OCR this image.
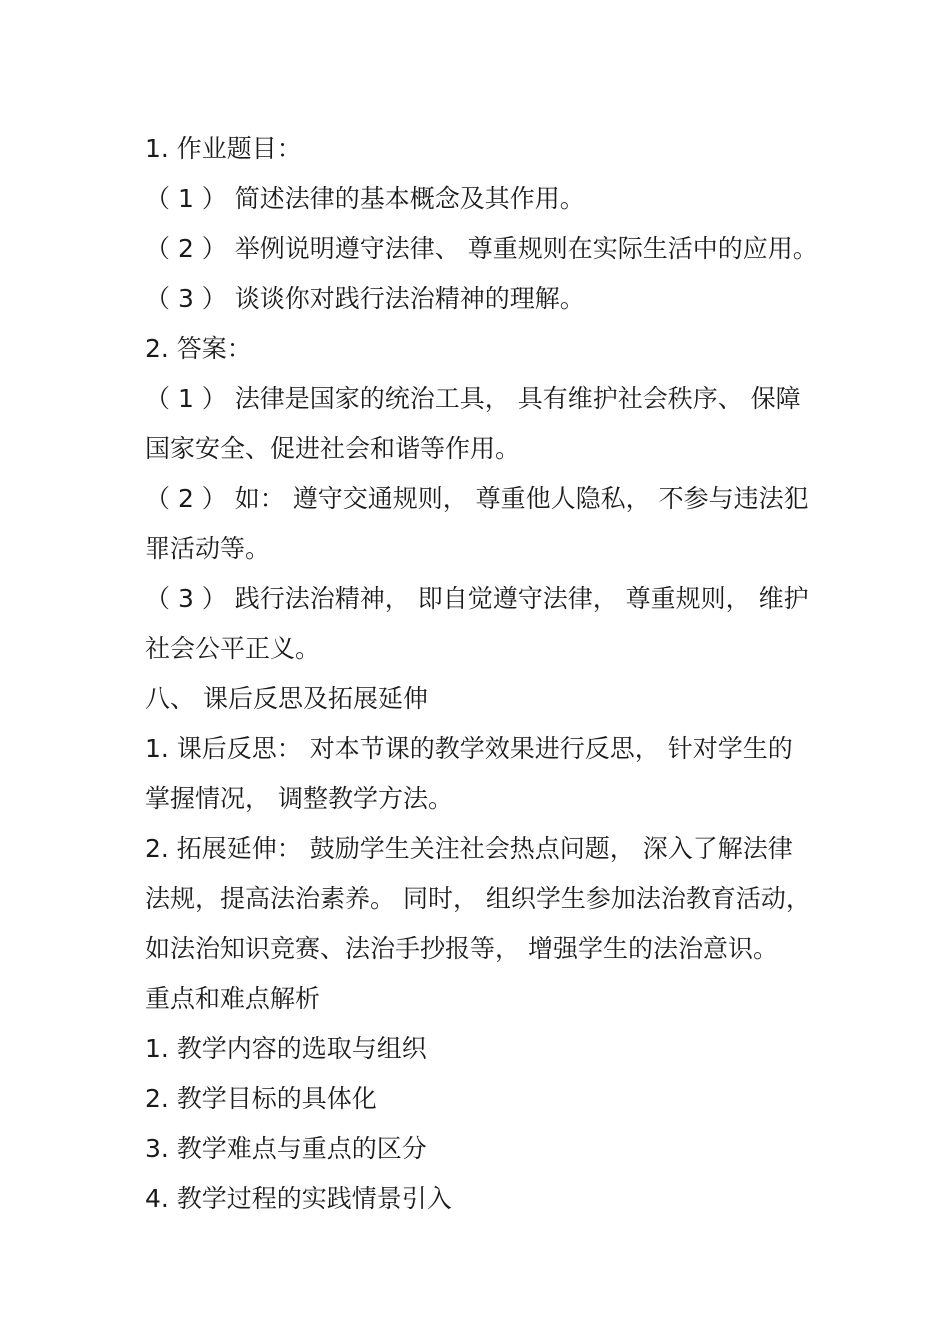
1. 作业题目：
（ 1 ） 简述法律的基本概念及其作用。
（ 2 ） 举例说明遵守法律、 尊重规则在实际生活中的应用。
（ 3 ） 谈谈你对践行法治精神的理解。
2. 答案：
（ 1 ） 法律是国家的统治工具， 具有维护社会秩序、 保障
国家安全、促进社会和谐等作用。
（ 2 ） 如： 遵守交通规则， 尊重他人隐私， 不参与违法犯
罪活动等。
（ 3 ） 践行法治精神， 即自觉遵守法律， 尊重规则， 维护
社会公平正义。
八、 课后反思及拓展延伸
1. 课后反思： 对本节课的教学效果进行反思， 针对学生的
掌握情况， 调整教学方法。
2. 拓展延伸： 鼓励学生关注社会热点问题， 深入了解法律
法规，提高法治素养。 同时， 组织学生参加法治教育活动，
如法治知识竞赛、法治手抄报等， 增强学生的法治意识。
重点和难点解析
1. 教学内容的选取与组织
2. 教学目标的具体化
3. 教学难点与重点的区分
4. 教学过程的实践情景引入
